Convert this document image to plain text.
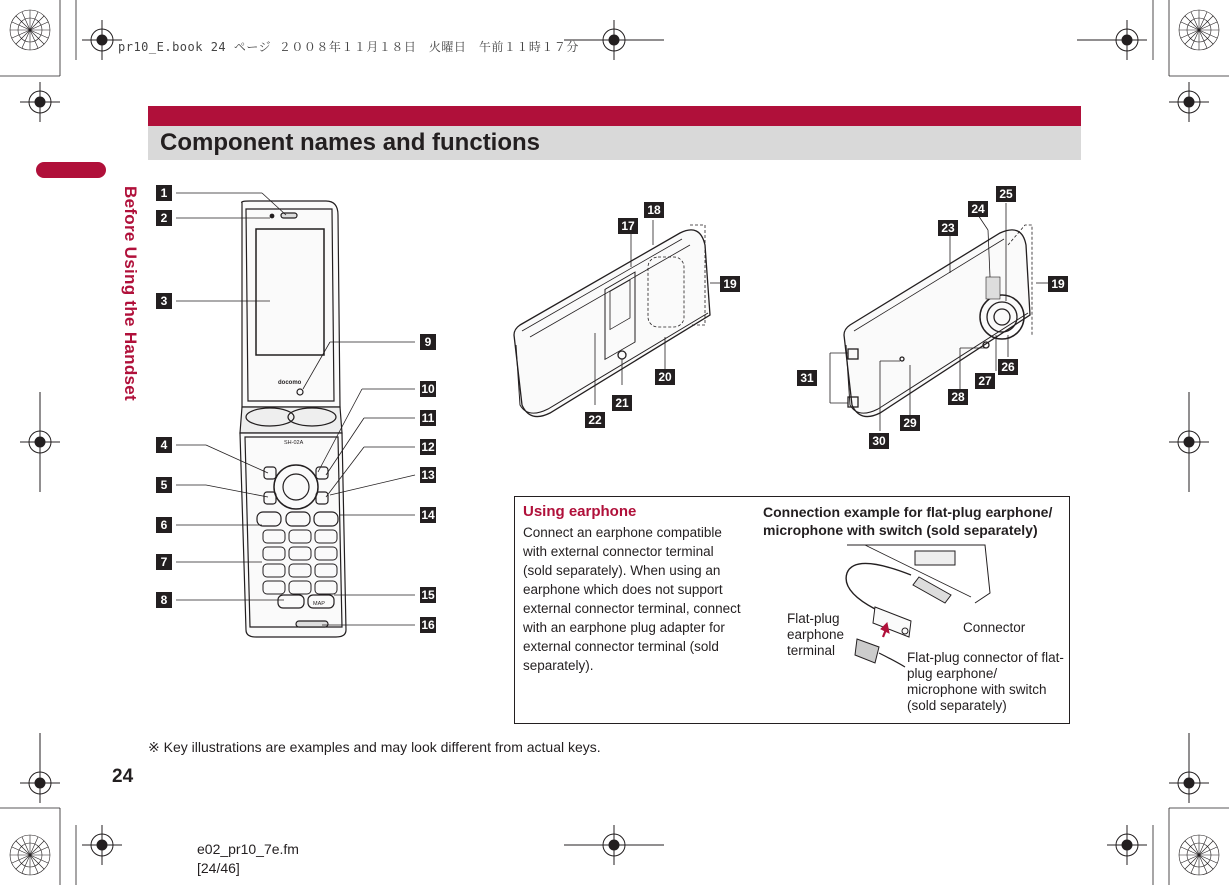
pr10_E.book 24 ページ ２００８年１１月１８日　火曜日　午前１１時１７分
Before Using the Handset
24
Component names and functions
docomo
SH-02A
MAP
1
2
3
4
5
6
7
8
9
10
11
12
13
14
15
16
17
18
19
20
21
22
23
24
25
19
26
27
28
29
30
31
Using earphone
Connect an earphone compatible with external connector terminal (sold separately). When using an earphone which does not support external connector terminal, connect with an earphone plug adapter for external connector terminal (sold separately).
Connection example for flat-plug earphone/ microphone with switch (sold separately)
Flat-plug earphone terminal
Connector
Flat-plug connector of flat-plug earphone/ microphone with switch (sold separately)
※ Key illustrations are examples and may look different from actual keys.
e02_pr10_7e.fm
[24/46]
